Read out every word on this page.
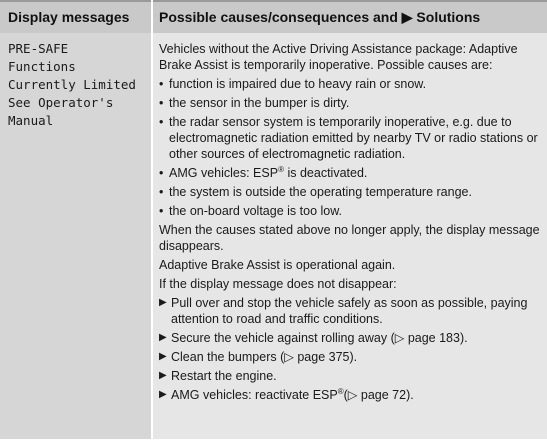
Display messages Possible causes/consequences and ▶ Solutions
PRE-SAFE
Functions
Currently Limited
See Operator's
Manual

Vehicles without the Active Driving Assistance package: Adaptive Brake Assist is temporarily inoperative. Possible causes are:

• function is impaired due to heavy rain or snow.
• the sensor in the bumper is dirty.
• the radar sensor system is temporarily inoperative, e.g. due to electromagnetic radiation emitted by nearby TV or radio stations or other sources of electromagnetic radiation.
• AMG vehicles: ESP® is deactivated.
• the system is outside the operating temperature range.
• the on-board voltage is too low.

When the causes stated above no longer apply, the display message disappears.

Adaptive Brake Assist is operational again.

If the display message does not disappear:

▶ Pull over and stop the vehicle safely as soon as possible, paying attention to road and traffic conditions.
▶ Secure the vehicle against rolling away (▷ page 183).
▶ Clean the bumpers (▷ page 375).
▶ Restart the engine.
▶ AMG vehicles: reactivate ESP®(▷ page 72).
